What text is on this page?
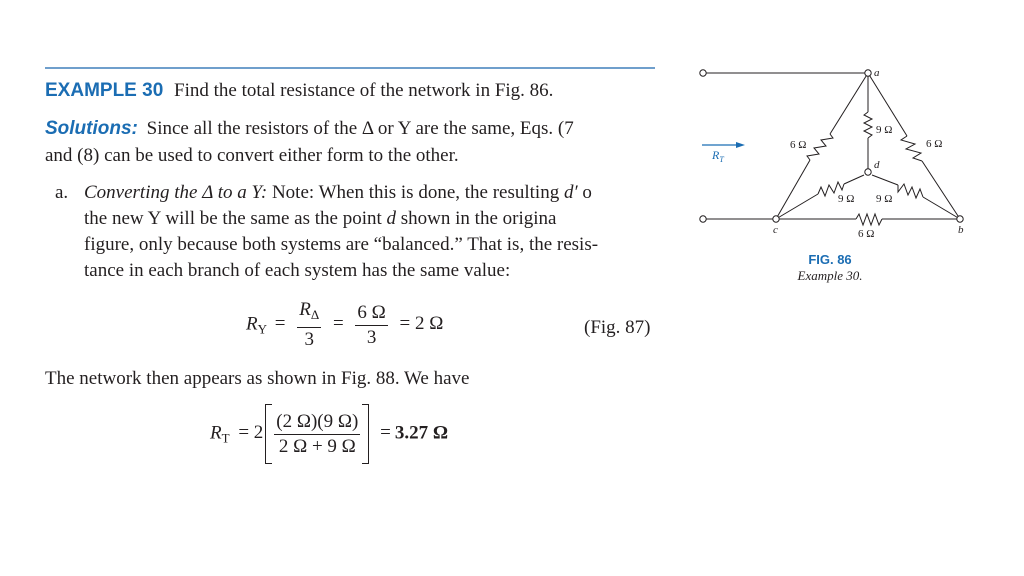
EXAMPLE 30 Find the total resistance of the network in Fig. 86.
Solutions: Since all the resistors of the Δ or Y are the same, Eqs. (7
and (8) can be used to convert either form to the other.
a. Converting the Δ to a Y: Note: When this is done, the resulting d′ o
the new Y will be the same as the point d shown in the origina
figure, only because both systems are “balanced.” That is, the resis-
tance in each branch of each system has the same value:
$R_Y = \frac{R_\Delta}{3} = \frac{6 \Omega}{3} = 2$ Ω	(Fig. 87)
The network then appears as shown in Fig. 88. We have
$R_T = 2 \frac{(2 \Omega)(9 \Omega)}{2 \Omega + 9 \Omega} = 3.27$ Ω
a
b
c
d
9 Ω
6 Ω	6 Ω
9 Ω 9 Ω
6 Ω
$R_T$
FIG. 86
Example 30.
